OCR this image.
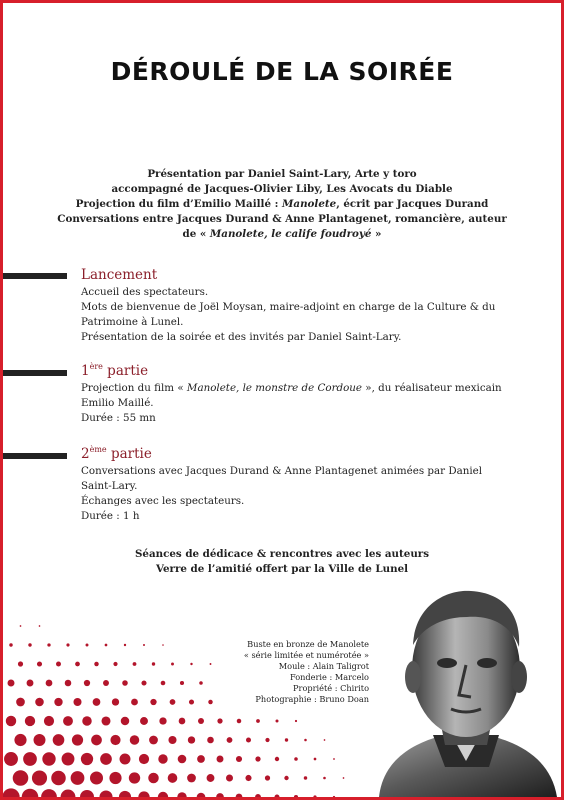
DÉROULÉ DE LA SOIRÉE
Présentation par Daniel Saint-Lary, Arte y toro
accompagné de Jacques-Olivier Liby, Les Avocats du Diable
Projection du film d’Emilio Maillé : Manolete, écrit par Jacques Durand
Conversations entre Jacques Durand & Anne Plantagenet, romancière, auteur
de « Manolete, le calife foudroyé »
Lancement

Accueil des spectateurs.

Mots de bienvenue de Joël Moysan, maire-adjoint en charge de la Culture & du

Patrimoine à Lunel.

Présentation de la soirée et des invités par Daniel Saint-Lary.

1ère partie

Projection du film « Manolete, le monstre de Cordoue », du réalisateur mexicain

Emilio Maillé.

Durée : 55 mn

2ème partie

Conversations avec Jacques Durand & Anne Plantagenet animées par Daniel

Saint-Lary.

Échanges avec les spectateurs.

Durée : 1 h

Séances de dédicace & rencontres avec les auteurs
Verre de l’amitié offert par la Ville de Lunel
Buste en bronze de Manolete
« série limitée et numérotée »
Moule : Alain Taligrot
Fonderie : Marcelo
Propriété : Chirito
Photographie : Bruno Doan
